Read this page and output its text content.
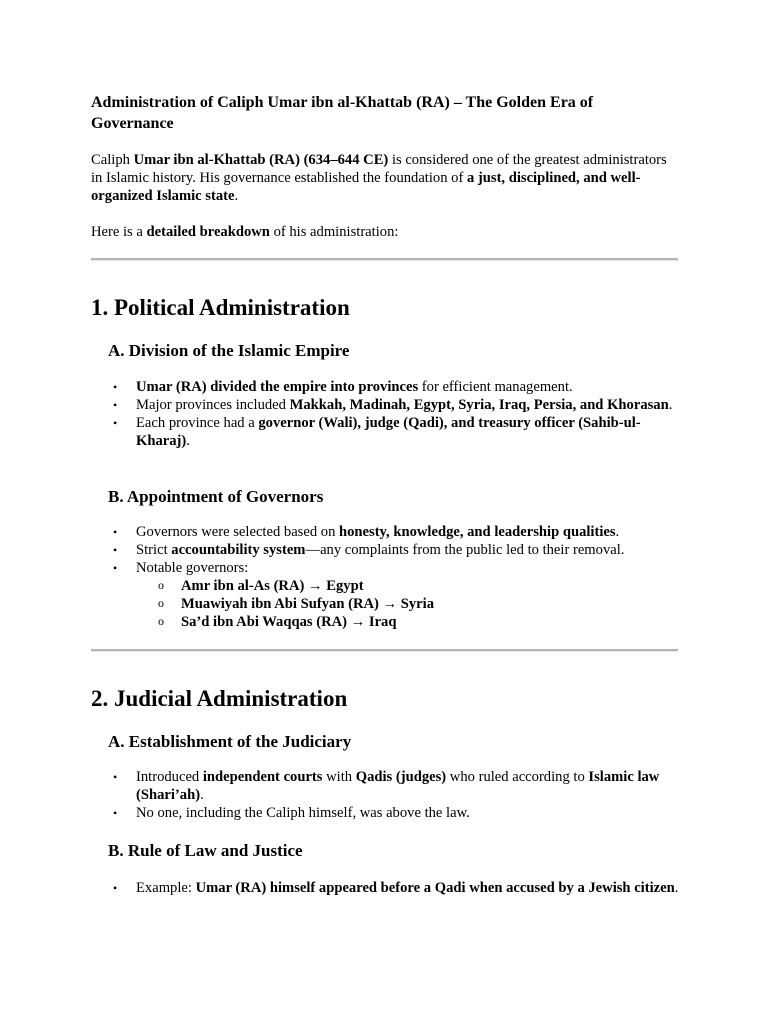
Administration of Caliph Umar ibn al-Khattab (RA) – The Golden Era of Governance

Caliph Umar ibn al-Khattab (RA) (634–644 CE) is considered one of the greatest administrators in Islamic history. His governance established the foundation of a just, disciplined, and well-organized Islamic state.

Here is a detailed breakdown of his administration:

1. Political Administration
A. Division of the Islamic Empire
• Umar (RA) divided the empire into provinces for efficient management.
• Major provinces included Makkah, Madinah, Egypt, Syria, Iraq, Persia, and Khorasan.
• Each province had a governor (Wali), judge (Qadi), and treasury officer (Sahib-ul-Kharaj).
B. Appointment of Governors
• Governors were selected based on honesty, knowledge, and leadership qualities.
• Strict accountability system—any complaints from the public led to their removal.
• Notable governors:
o Amr ibn al-As (RA) → Egypt
o Muawiyah ibn Abi Sufyan (RA) → Syria
o Sa’d ibn Abi Waqqas (RA) → Iraq
2. Judicial Administration
A. Establishment of the Judiciary
• Introduced independent courts with Qadis (judges) who ruled according to Islamic law (Shari’ah).
• No one, including the Caliph himself, was above the law.
B. Rule of Law and Justice
• Example: Umar (RA) himself appeared before a Qadi when accused by a Jewish citizen.
